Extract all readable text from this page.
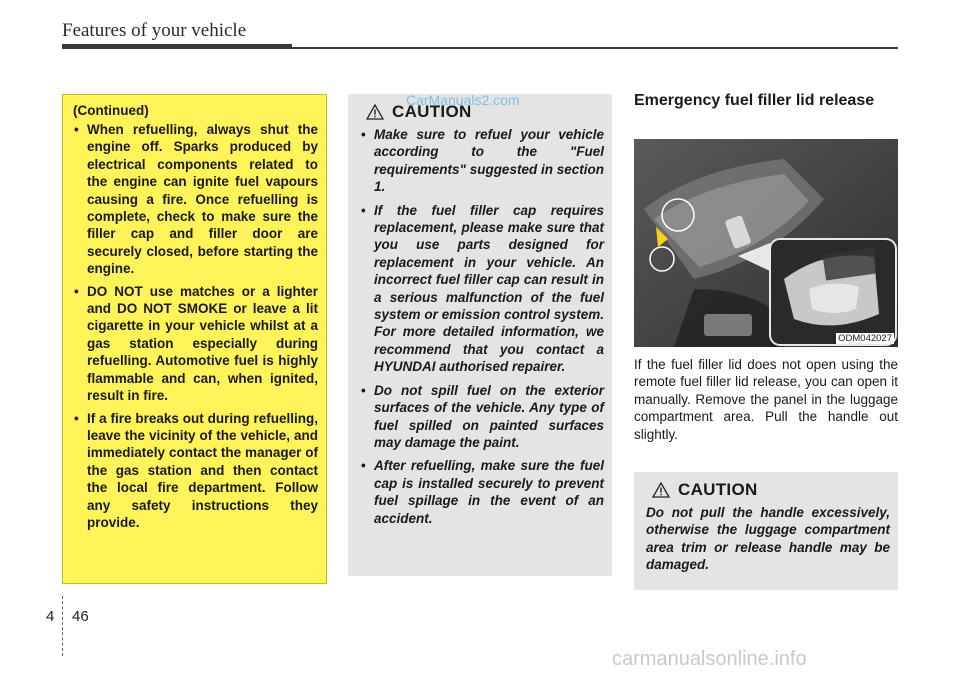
Features of your vehicle
(Continued)
• When refuelling, always shut the engine off. Sparks produced by electrical components related to the engine can ignite fuel vapours causing a fire. Once refuelling is complete, check to make sure the filler cap and filler door are securely closed, before starting the engine.
• DO NOT use matches or a lighter and DO NOT SMOKE or leave a lit cigarette in your vehicle whilst at a gas station especially during refuelling. Automotive fuel is highly flammable and can, when ignited, result in fire.
• If a fire breaks out during refuelling, leave the vicinity of the vehicle, and immediately contact the manager of the gas station and then contact the local fire department. Follow any safety instructions they provide.
CAUTION
• Make sure to refuel your vehicle according to the "Fuel requirements" suggested in section 1.
• If the fuel filler cap requires replacement, please make sure that you use parts designed for replacement in your vehicle. An incorrect fuel filler cap can result in a serious malfunction of the fuel system or emission control system. For more detailed information, we recommend that you contact a HYUNDAI authorised repairer.
• Do not spill fuel on the exterior surfaces of the vehicle. Any type of fuel spilled on painted surfaces may damage the paint.
• After refuelling, make sure the fuel cap is installed securely to prevent fuel spillage in the event of an accident.
CarManuals2.com	Emergency fuel filler lid release
ODM042027
If the fuel filler lid does not open using the remote fuel filler lid release, you can open it manually. Remove the panel in the luggage compartment area. Pull the handle out slightly.
CAUTION
Do not pull the handle excessively, otherwise the luggage compartment area trim or release handle may be damaged.
4 46
carmanualsonline.info
